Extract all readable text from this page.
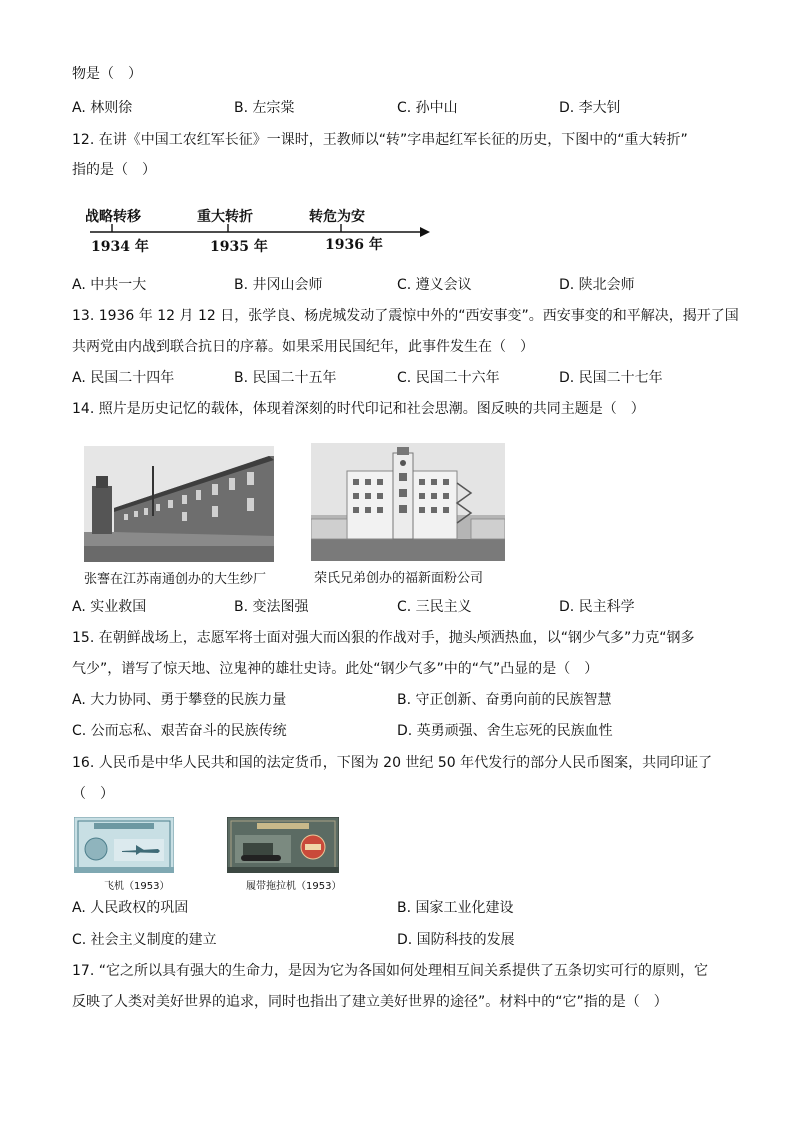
物是（　）
A. 林则徐	B. 左宗棠	C. 孙中山	D. 李大钊
12. 在讲《中国工农红军长征》一课时，王教师以“转”字串起红军长征的历史，下图中的“重大转折”
指的是（　）
战略转移	重大转折	转危为安
1934 年	1935 年	1936 年
A. 中共一大	B. 井冈山会师	C. 遵义会议	D. 陕北会师
13. 1936 年 12 月 12 日，张学良、杨虎城发动了震惊中外的“西安事变”。西安事变的和平解决，揭开了国
共两党由内战到联合抗日的序幕。如果采用民国纪年，此事件发生在（　）
A. 民国二十四年	B. 民国二十五年	C. 民国二十六年	D. 民国二十七年
14. 照片是历史记忆的载体，体现着深刻的时代印记和社会思潮。图反映的共同主题是（　）
张謇在江苏南通创办的大生纱厂	荣氏兄弟创办的福新面粉公司
A. 实业救国	B. 变法图强	C. 三民主义	D. 民主科学
15. 在朝鲜战场上，志愿军将士面对强大而凶狠的作战对手，抛头颅洒热血，以“钢少气多”力克“钢多
气少”，谱写了惊天地、泣鬼神的雄壮史诗。此处“钢少气多”中的“气”凸显的是（　）
A. 大力协同、勇于攀登的民族力量	B. 守正创新、奋勇向前的民族智慧
C. 公而忘私、艰苦奋斗的民族传统	D. 英勇顽强、舍生忘死的民族血性
16. 人民币是中华人民共和国的法定货币，下图为 20 世纪 50 年代发行的部分人民币图案，共同印证了
（　）
飞机（1953）	履带拖拉机（1953）
A. 人民政权的巩固	B. 国家工业化建设
C. 社会主义制度的建立	D. 国防科技的发展
17. “它之所以具有强大的生命力，是因为它为各国如何处理相互间关系提供了五条切实可行的原则，它
反映了人类对美好世界的追求，同时也指出了建立美好世界的途径”。材料中的“它”指的是（　）
